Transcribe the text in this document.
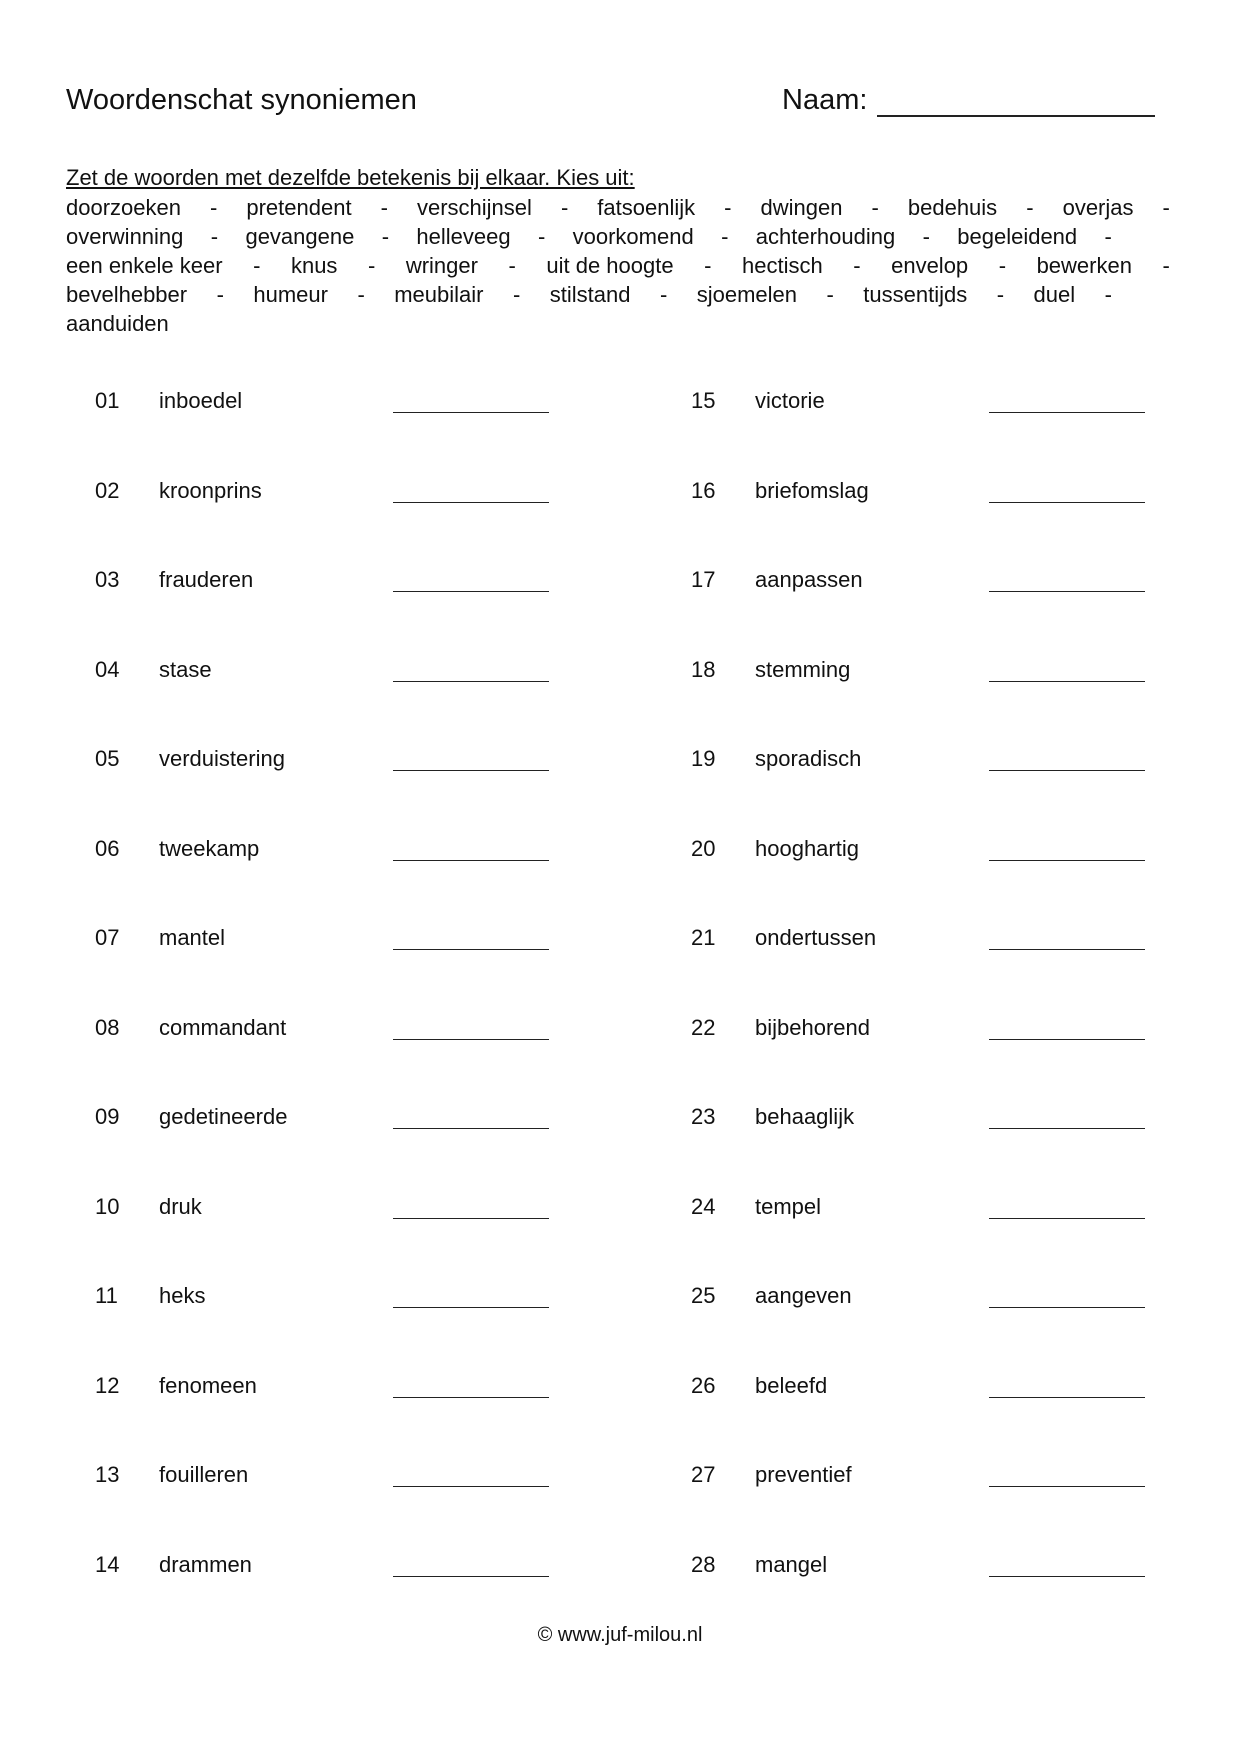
Woordenschat synoniemen	Naam:
Zet de woorden met dezelfde betekenis bij elkaar. Kies uit:
doorzoeken - pretendent - verschijnsel - fatsoenlijk - dwingen - bedehuis - overjas -
overwinning - gevangene - helleveeg - voorkomend - achterhouding - begeleidend -
een enkele keer - knus - wringer - uit de hoogte - hectisch - envelop - bewerken -
bevelhebber - humeur - meubilair - stilstand - sjoemelen - tussentijds - duel -
aanduiden
01 inboedel
02 kroonprins
03 frauderen
04 stase
05 verduistering
06 tweekamp
07 mantel
08 commandant
09 gedetineerde
10 druk
11 heks
12 fenomeen
13 fouilleren
14 drammen
15 victorie
16 briefomslag
17 aanpassen
18 stemming
19 sporadisch
20 hooghartig
21 ondertussen
22 bijbehorend
23 behaaglijk
24 tempel
25 aangeven
26 beleefd
27 preventief
28 mangel
© www.juf-milou.nl
